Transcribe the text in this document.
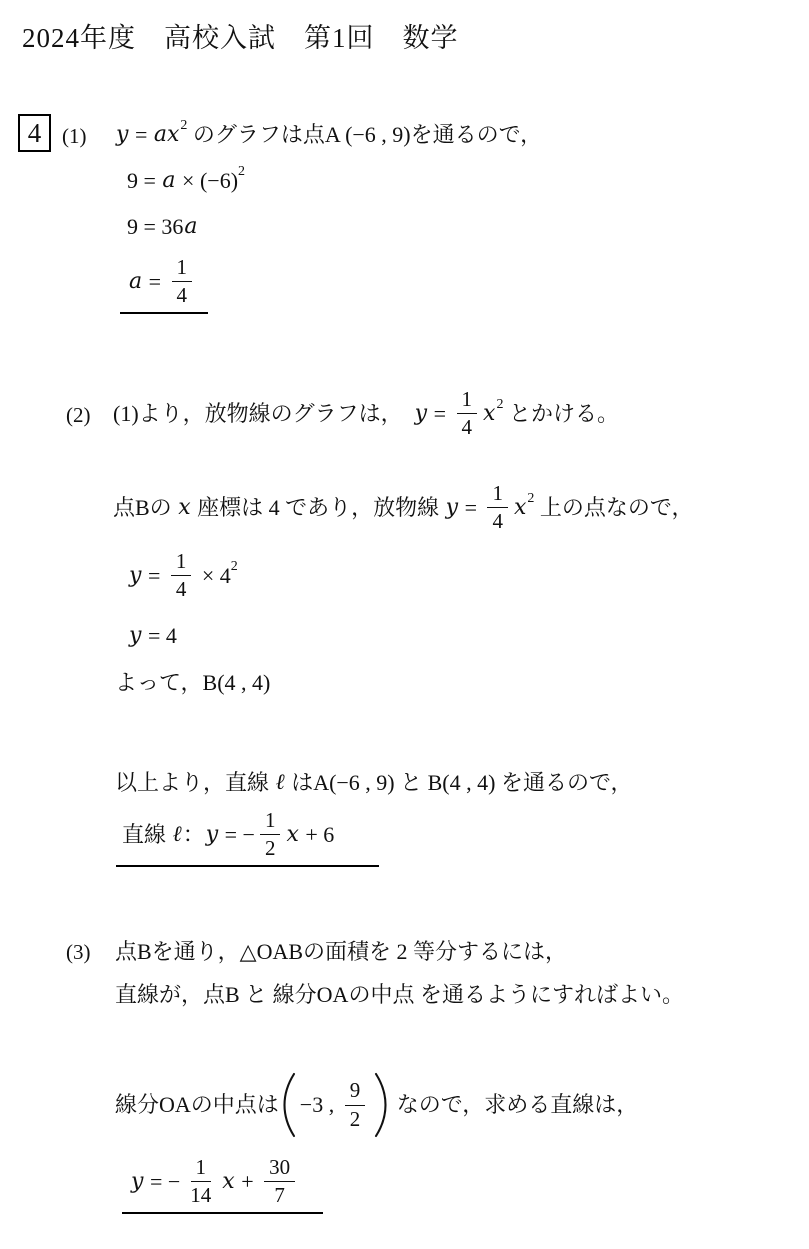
2024年度　高校入試　第1回　数学
4 (1) y = ax 2 のグラフは点A (−6 , 9)を通るので，
9 = a × (−6) 2
9 = 36 a
$a = \frac{1}{4}$
(2) (1)より，放物線のグラフは，　 $y = \frac{1}{4}$ x 2 とかける。
点Bの x 座標は 4 であり，放物線 $y = \frac{1}{4}$ x 2 上の点なので，
$y = \frac{1}{4} \times 4$ 2
y = 4
よって，B(4 , 4)
以上より，直線 ℓ はA(−6 , 9) と B(4 , 4) を通るので，
直線 ℓ ： y = − $\frac{1}{2}$ x + 6
(3) 点Bを通り，△OABの面積を 2 等分するには，
直線が，点B と 線分OAの中点 を通るようにすればよい。
線分OAの中点は −3 , $\frac{9}{2}$ なので，求める直線は，
y = − $\frac{1}{14}$ $x + \frac{30}{7}$
